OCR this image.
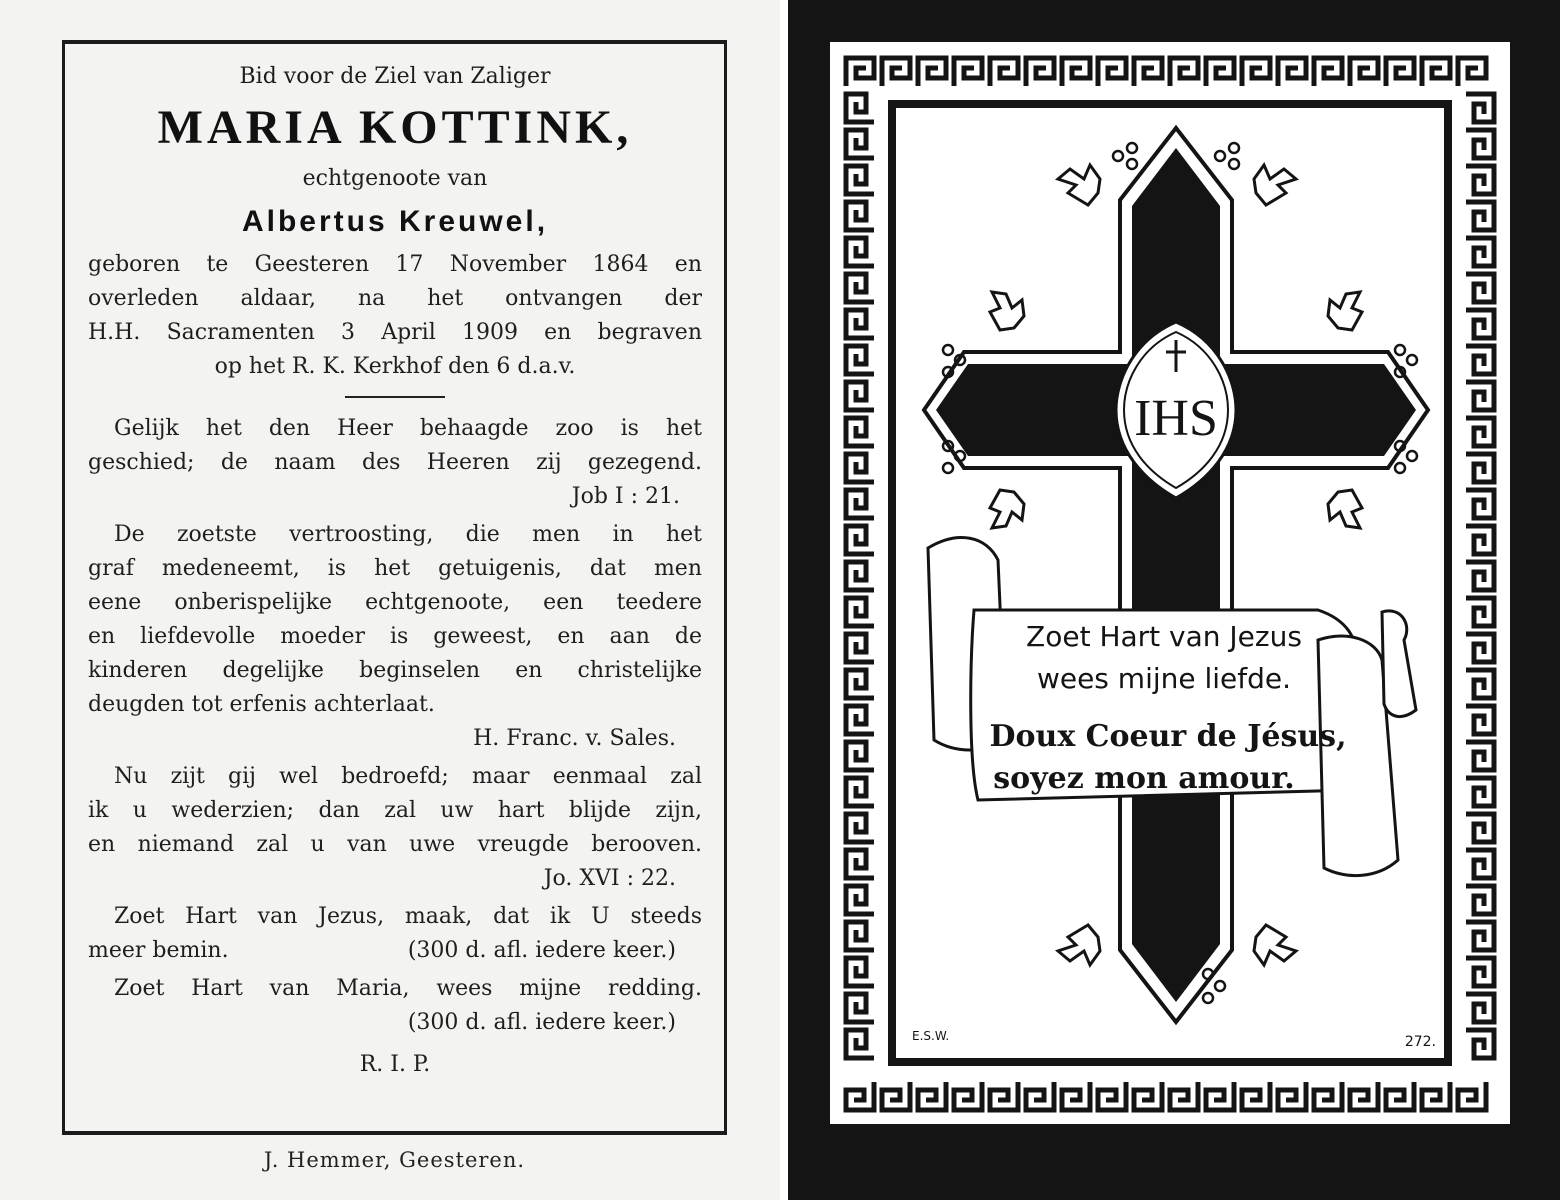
Bid voor de Ziel van Zaliger
MARIA KOTTINK,
echtgenoote van
Albertus Kreuwel,
geboren te Geesteren 17 November 1864 en
overleden aldaar, na het ontvangen der
H.H. Sacramenten 3 April 1909 en begraven
op het R. K. Kerkhof den 6 d.a.v.
Gelijk het den Heer behaagde zoo is het
geschied; de naam des Heeren zij gezegend.
Job I : 21.
De zoetste vertroosting, die men in het
graf medeneemt, is het getuigenis, dat men
eene onberispelijke echtgenoote, een teedere
en liefdevolle moeder is geweest, en aan de
kinderen degelijke beginselen en christelijke
deugden tot erfenis achterlaat.
H. Franc. v. Sales.
Nu zijt gij wel bedroefd; maar eenmaal zal
ik u wederzien; dan zal uw hart blijde zijn,
en niemand zal u van uwe vreugde berooven.
Jo. XVI : 22.
Zoet Hart van Jezus, maak, dat ik U steeds
meer bemin.	(300 d. afl. iedere keer.)
Zoet Hart van Maria, wees mijne redding.
(300 d. afl. iedere keer.)
R. I. P.
J. Hemmer, Geesteren.
IHS
Zoet Hart van Jezus
wees mijne liefde.
Doux Coeur de Jésus,
soyez mon amour.
E.S.W.	272.
